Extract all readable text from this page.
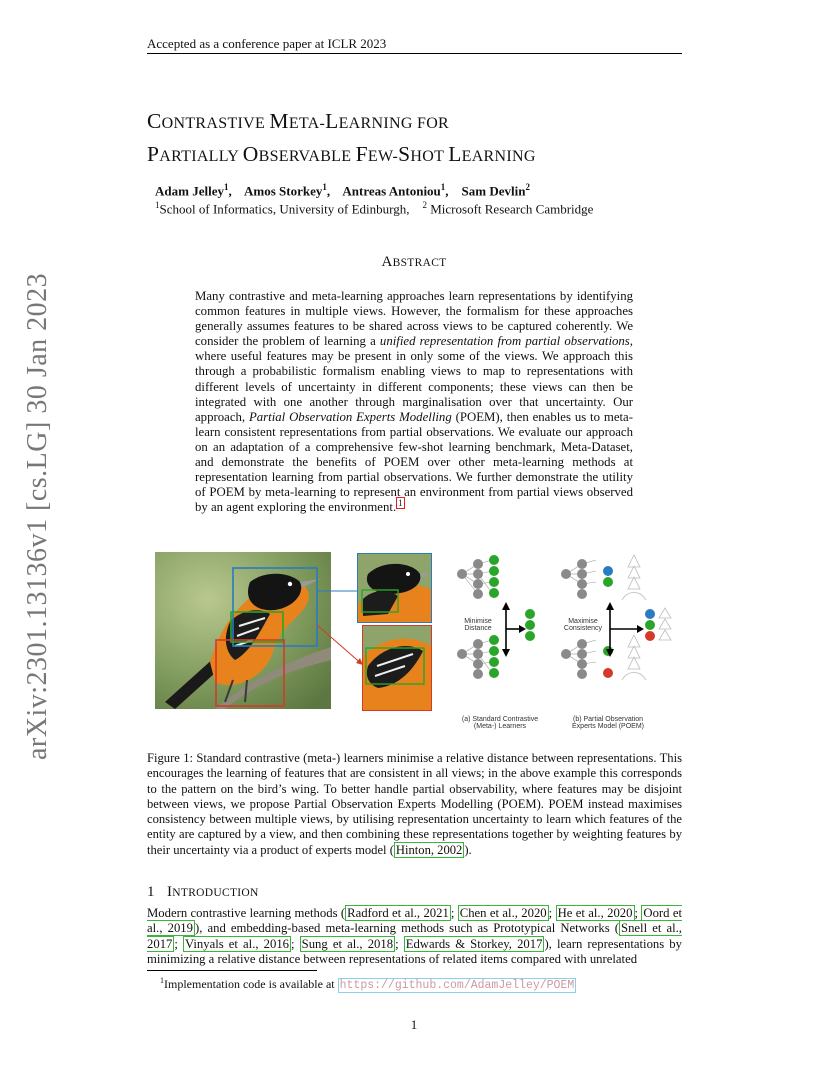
Accepted as a conference paper at ICLR 2023
CONTRASTIVE META-LEARNING FOR
PARTIALLY OBSERVABLE FEW-SHOT LEARNING
Adam Jelley$^1$,    Amos Storkey$^1$,    Antreas Antoniou$^1$,    Sam Devlin$^2$
$^1$School of Informatics, University of Edinburgh, $^2$ Microsoft Research Cambridge
ABSTRACT
Many contrastive and meta-learning approaches learn representations by identifying common features in multiple views. However, the formalism for these approaches generally assumes features to be shared across views to be captured coherently. We consider the problem of learning a unified representation from partial observations, where useful features may be present in only some of the views. We approach this through a probabilistic formalism enabling views to map to representations with different levels of uncertainty in different components; these views can then be integrated with one another through marginalisation over that uncertainty. Our approach, Partial Observation Experts Modelling (POEM), then enables us to meta-learn consistent representations from partial observations. We evaluate our approach on an adaptation of a comprehensive few-shot learning benchmark, Meta-Dataset, and demonstrate the benefits of POEM over other meta-learning methods at representation learning from partial observations. We further demonstrate the utility of POEM by meta-learning to represent an environment from partial views observed by an agent exploring the environment. $^1$
arXiv:2301.13136v1 [cs.LG] 30 Jan 2023	Minimise
Distance
Maximise
Consistency
(a) Standard Contrastive
(Meta-) Learners
(b) Partial Observation
Experts Model (POEM)
Figure 1: Standard contrastive (meta-) learners minimise a relative distance between representations. This encourages the learning of features that are consistent in all views; in the above example this corresponds to the pattern on the bird’s wing. To better handle partial observability, where features may be disjoint between views, we propose Partial Observation Experts Modelling (POEM). POEM instead maximises consistency between multiple views, by utilising representation uncertainty to learn which features of the entity are captured by a view, and then combining these representations together by weighting features by their uncertainty via a product of experts model ( Hinton, 2002 ).
1 INTRODUCTION
Modern contrastive learning methods ( Radford et al., 2021 ; Chen et al., 2020 ; He et al., 2020 ; Oord et al., 2019 ), and embedding-based meta-learning methods such as Prototypical Networks ( Snell et al., 2017 ; Vinyals et al., 2016 ; Sung et al., 2018 ; Edwards & Storkey, 2017 ), learn representations by minimizing a relative distance between representations of related items compared with unrelated
$^1$Implementation code is available at https://github.com/AdamJelley/POEM
1
